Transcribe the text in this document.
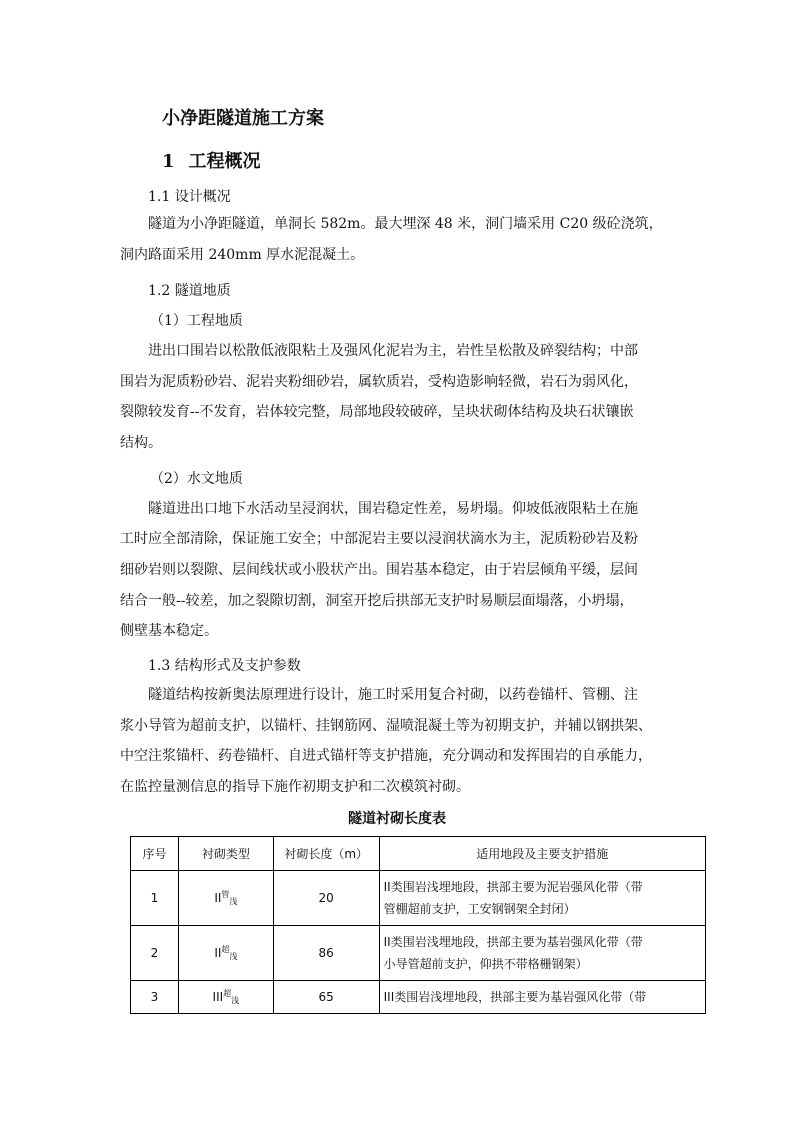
小净距隧道施工方案
1 工程概况
1.1 设计概况
隧道为小净距隧道，单洞长 582m。最大埋深 48 米，洞门墙采用 C20 级砼浇筑，
洞内路面采用 240mm 厚水泥混凝土。
1.2 隧道地质
（1）工程地质
进出口围岩以松散低液限粘土及强风化泥岩为主，岩性呈松散及碎裂结构；中部
围岩为泥质粉砂岩、泥岩夹粉细砂岩，属软质岩，受构造影响轻微，岩石为弱风化，
裂隙较发育--不发育，岩体较完整，局部地段较破碎，呈块状砌体结构及块石状镶嵌
结构。
（2）水文地质
隧道进出口地下水活动呈浸润状，围岩稳定性差，易坍塌。仰坡低液限粘土在施
工时应全部清除，保证施工安全；中部泥岩主要以浸润状滴水为主，泥质粉砂岩及粉
细砂岩则以裂隙、层间线状或小股状产出。围岩基本稳定，由于岩层倾角平缓，层间
结合一般--较差，加之裂隙切割，洞室开挖后拱部无支护时易顺层面塌落，小坍塌，
侧壁基本稳定。
1.3 结构形式及支护参数
隧道结构按新奥法原理进行设计，施工时采用复合衬砌，以药卷锚杆、管棚、注
浆小导管为超前支护，以锚杆、挂钢筋网、湿喷混凝土等为初期支护，并辅以钢拱架、
中空注浆锚杆、药卷锚杆、自进式锚杆等支护措施，充分调动和发挥围岩的自承能力，
在监控量测信息的指导下施作初期支护和二次模筑衬砌。
隧道衬砌长度表
序号	衬砌类型	衬砌长度（m）	适用地段及主要支护措施
1	$II^管_浅$	20	II类围岩浅埋地段，拱部主要为泥岩强风化带（带
管棚超前支护，工安钢钢架全封闭）

2	$II^超_浅$	86	II类围岩浅埋地段，拱部主要为基岩强风化带（带
小导管超前支护，仰拱不带格栅钢架）

3	$III^超_浅$	65	III类围岩浅埋地段，拱部主要为基岩强风化带（带
